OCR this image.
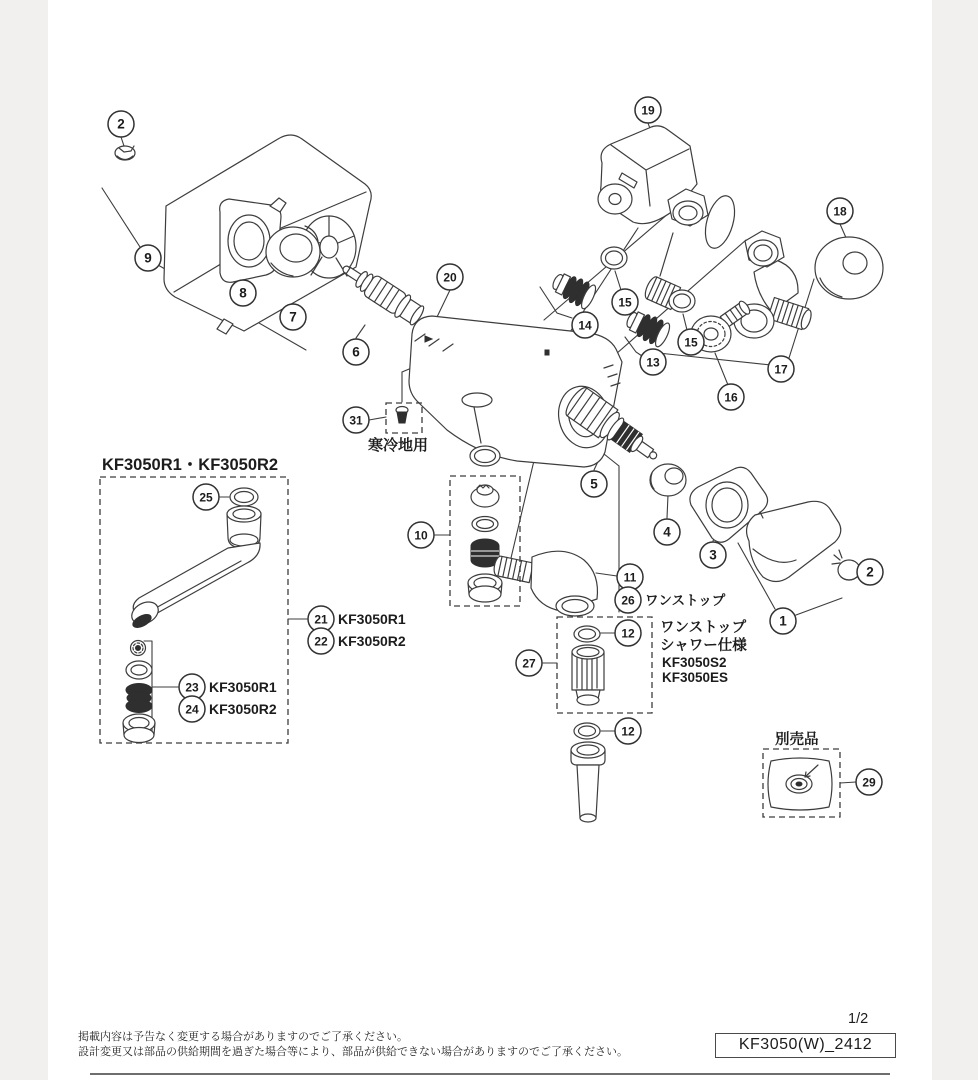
KF3050R1・KF3050R2
寒冷地用
ワンストップ
ワンストップ
シャワー仕様
KF3050S2
KF3050ES
別売品
KF3050R1
KF3050R2
KF3050R1
KF3050R2
2
9
8
7
6
20
19
18
15
14
15
13	17
16
31
5
4
3
1
2
25
10
11
26
21
22
23
24
12
27
12
29
掲載内容は予告なく変更する場合がありますのでご了承ください。
設計変更又は部品の供給期間を過ぎた場合等により、部品が供給できない場合がありますのでご了承ください。
1/2
KF3050(W)_2412
